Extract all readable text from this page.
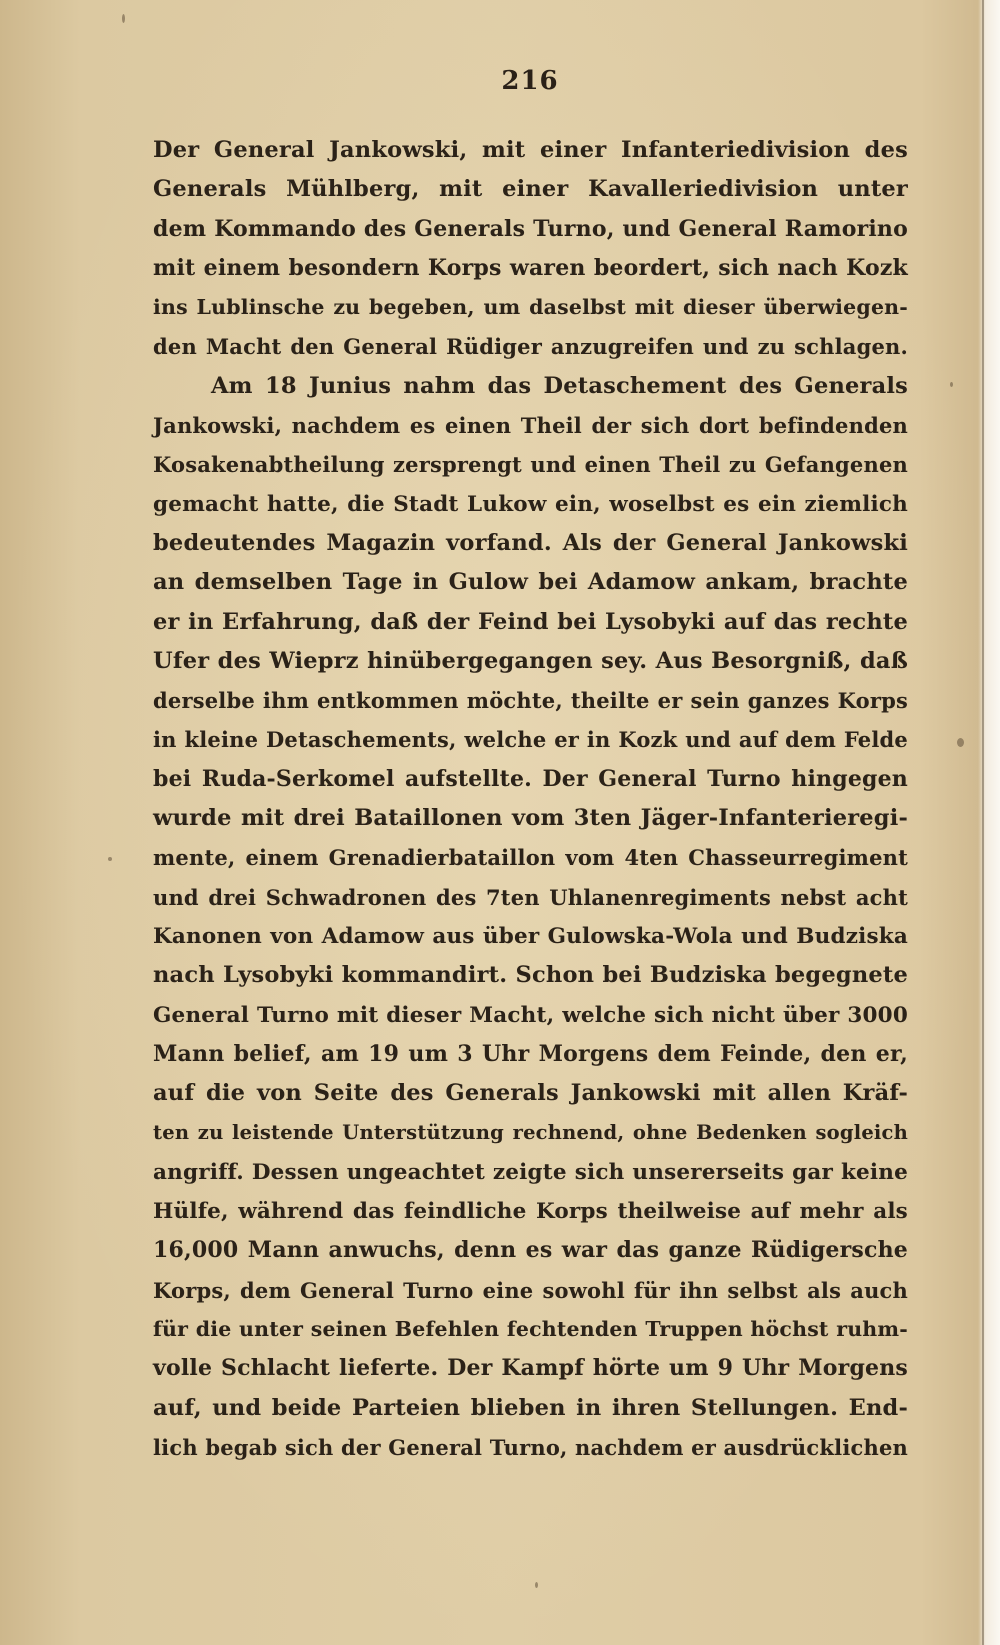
216
Der General Jankowski, mit einer Infanteriedivision des
Generals Mühlberg, mit einer Kavalleriedivision unter
dem Kommando des Generals Turno, und General Ramorino
mit einem besondern Korps waren beordert, sich nach Kozk
ins Lublinsche zu begeben, um daselbst mit dieser überwiegen-
den Macht den General Rüdiger anzugreifen und zu schlagen.
Am 18 Junius nahm das Detaschement des Generals
Jankowski, nachdem es einen Theil der sich dort befindenden
Kosakenabtheilung zersprengt und einen Theil zu Gefangenen
gemacht hatte, die Stadt Lukow ein, woselbst es ein ziemlich
bedeutendes Magazin vorfand. Als der General Jankowski
an demselben Tage in Gulow bei Adamow ankam, brachte
er in Erfahrung, daß der Feind bei Lysobyki auf das rechte
Ufer des Wieprz hinübergegangen sey. Aus Besorgniß, daß
derselbe ihm entkommen möchte, theilte er sein ganzes Korps
in kleine Detaschements, welche er in Kozk und auf dem Felde
bei Ruda-Serkomel aufstellte. Der General Turno hingegen
wurde mit drei Bataillonen vom 3ten Jäger-Infanterieregi-
mente, einem Grenadierbataillon vom 4ten Chasseurregiment
und drei Schwadronen des 7ten Uhlanenregiments nebst acht
Kanonen von Adamow aus über Gulowska-Wola und Budziska
nach Lysobyki kommandirt. Schon bei Budziska begegnete
General Turno mit dieser Macht, welche sich nicht über 3000
Mann belief, am 19 um 3 Uhr Morgens dem Feinde, den er,
auf die von Seite des Generals Jankowski mit allen Kräf-
ten zu leistende Unterstützung rechnend, ohne Bedenken sogleich
angriff. Dessen ungeachtet zeigte sich unsererseits gar keine
Hülfe, während das feindliche Korps theilweise auf mehr als
16,000 Mann anwuchs, denn es war das ganze Rüdigersche
Korps, dem General Turno eine sowohl für ihn selbst als auch
für die unter seinen Befehlen fechtenden Truppen höchst ruhm-
volle Schlacht lieferte. Der Kampf hörte um 9 Uhr Morgens
auf, und beide Parteien blieben in ihren Stellungen. End-
lich begab sich der General Turno, nachdem er ausdrücklichen
